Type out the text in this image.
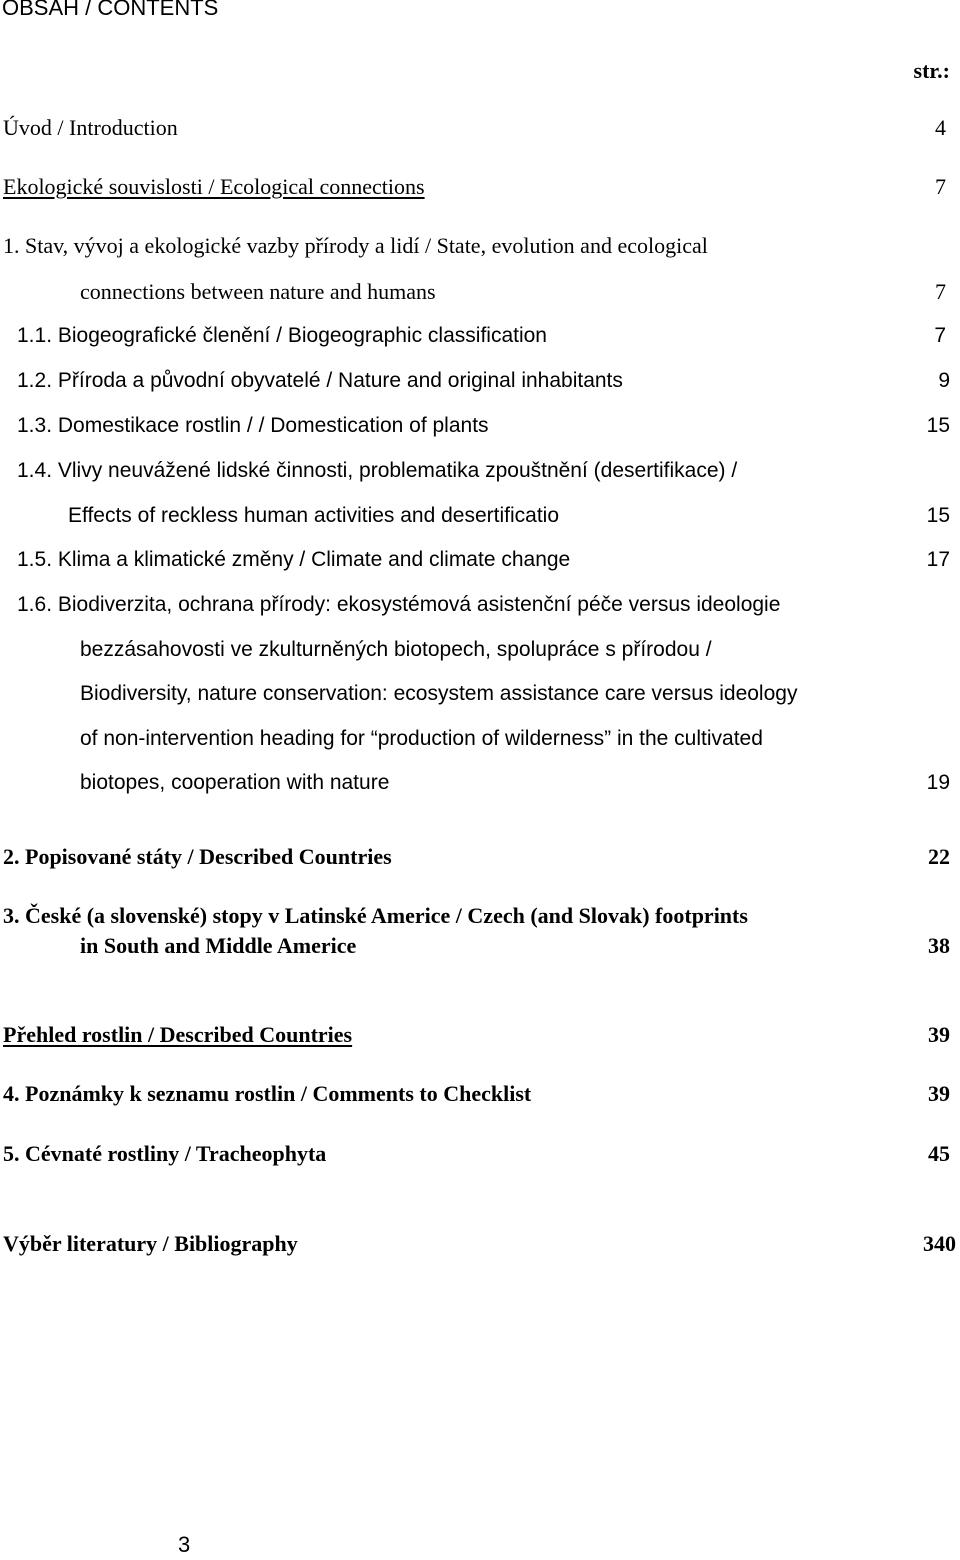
OBSAH / CONTENTS
str.:
Úvod / Introduction	4
Ekologické souvislosti / Ecological connections	7
1. Stav, vývoj a ekologické vazby přírody a lidí / State, evolution and ecological
connections between nature and humans	7
1.1. Biogeografické členění / Biogeographic classification	7
1.2. Příroda a původní obyvatelé / Nature and original inhabitants	9
1.3. Domestikace rostlin / / Domestication of plants	15
1.4. Vlivy neuvážené lidské činnosti, problematika zpouštnění (desertifikace) /
Effects of reckless human activities and desertificatio	15
1.5. Klima a klimatické změny / Climate and climate change	17
1.6. Biodiverzita, ochrana přírody: ekosystémová asistenční péče versus ideologie
bezzásahovosti ve zkulturněných biotopech, spolupráce s přírodou /
Biodiversity, nature conservation: ecosystem assistance care versus ideology
of non-intervention heading for “production of wilderness” in the cultivated
biotopes, cooperation with nature	19
2. Popisované státy / Described Countries	22
3. České (a slovenské) stopy v Latinské Americe / Czech (and Slovak) footprints
in South and Middle Americe	38
Přehled rostlin / Described Countries	39
4. Poznámky k seznamu rostlin / Comments to Checklist	39
5. Cévnaté rostliny / Tracheophyta	45
Výběr literatury / Bibliography	340
3
